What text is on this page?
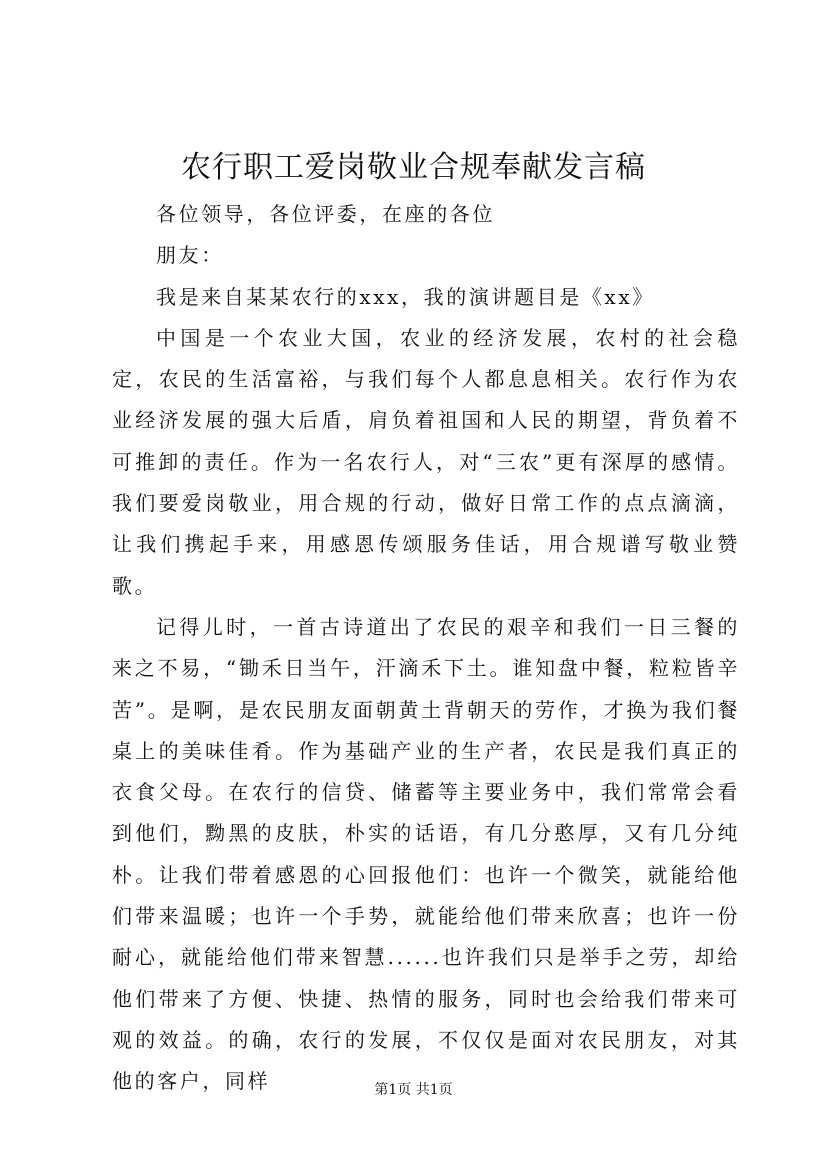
农行职工爱岗敬业合规奉献发言稿

各位领导，各位评委，在座的各位

朋友：

我是来自某某农行的xxx，我的演讲题目是《xx》

中国是一个农业大国，农业的经济发展，农村的社会稳定，农民的生活富裕，与我们每个人都息息相关。农行作为农业经济发展的强大后盾，肩负着祖国和人民的期望，背负着不可推卸的责任。作为一名农行人，对“三农”更有深厚的感情。我们要爱岗敬业，用合规的行动，做好日常工作的点点滴滴，让我们携起手来，用感恩传颂服务佳话，用合规谱写敬业赞歌。

记得儿时，一首古诗道出了农民的艰辛和我们一日三餐的来之不易，“锄禾日当午，汗滴禾下土。谁知盘中餐，粒粒皆辛苦”。是啊，是农民朋友面朝黄土背朝天的劳作，才换为我们餐桌上的美味佳肴。作为基础产业的生产者，农民是我们真正的衣食父母。在农行的信贷、储蓄等主要业务中，我们常常会看到他们，黝黑的皮肤，朴实的话语，有几分憨厚，又有几分纯朴。让我们带着感恩的心回报他们：也许一个微笑，就能给他们带来温暖；也许一个手势，就能给他们带来欣喜；也许一份耐心，就能给他们带来智慧......也许我们只是举手之劳，却给他们带来了方便、快捷、热情的服务，同时也会给我们带来可观的效益。的确，农行的发展，不仅仅是面对农民朋友，对其他的客户，同样	第1页 共1页
